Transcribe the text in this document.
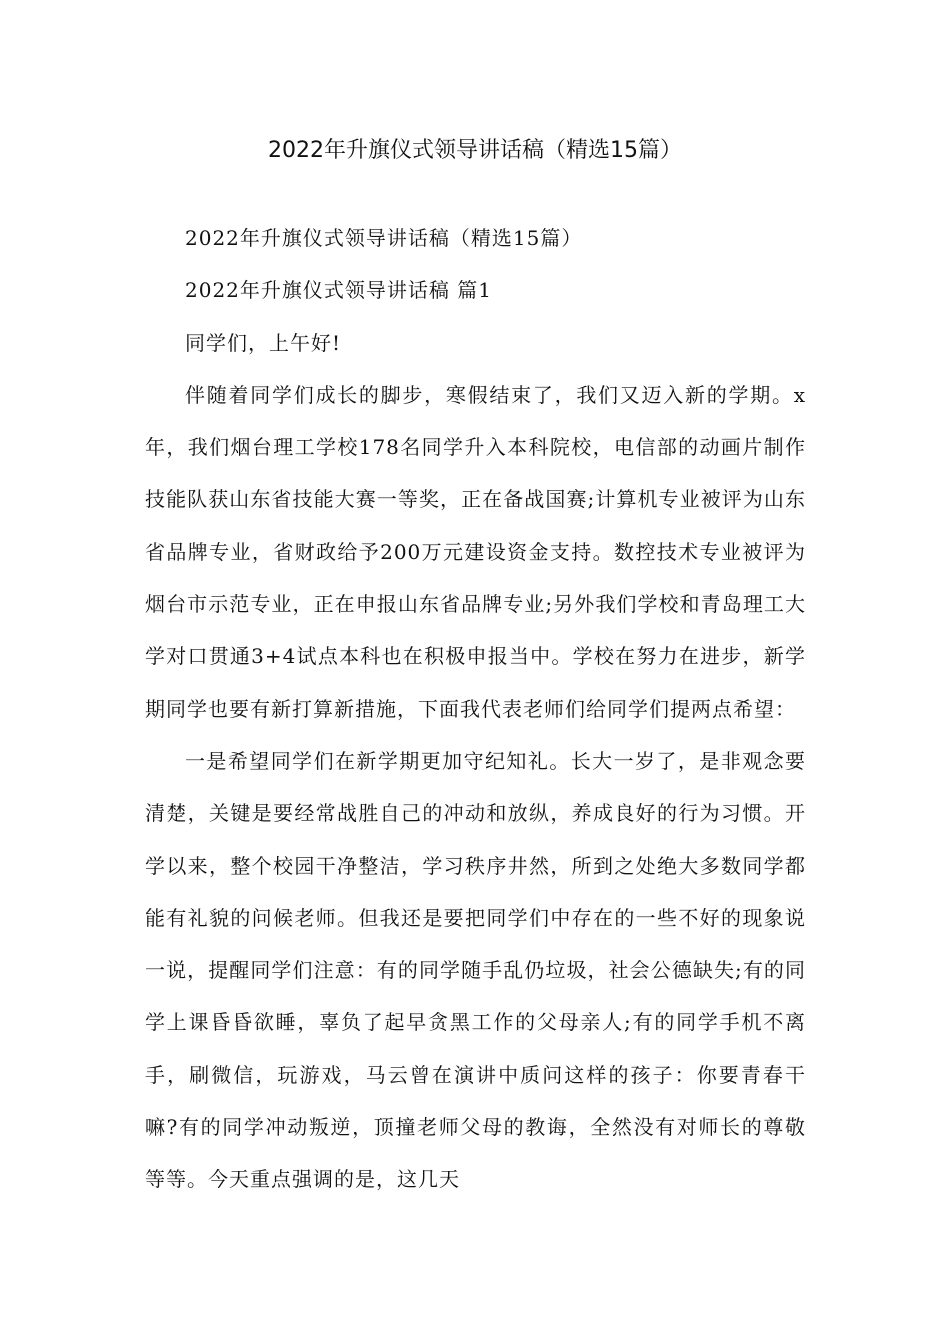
2022年升旗仪式领导讲话稿（精选15篇）

2022年升旗仪式领导讲话稿（精选15篇）

2022年升旗仪式领导讲话稿 篇1

同学们，上午好!

伴随着同学们成长的脚步，寒假结束了，我们又迈入新的学期。x年，我们烟台理工学校178名同学升入本科院校，电信部的动画片制作技能队获山东省技能大赛一等奖，正在备战国赛;计算机专业被评为山东省品牌专业，省财政给予200万元建设资金支持。数控技术专业被评为烟台市示范专业，正在申报山东省品牌专业;另外我们学校和青岛理工大学对口贯通3+4试点本科也在积极申报当中。学校在努力在进步，新学期同学也要有新打算新措施，下面我代表老师们给同学们提两点希望：

一是希望同学们在新学期更加守纪知礼。长大一岁了，是非观念要清楚，关键是要经常战胜自己的冲动和放纵，养成良好的行为习惯。开学以来，整个校园干净整洁，学习秩序井然，所到之处绝大多数同学都能有礼貌的问候老师。但我还是要把同学们中存在的一些不好的现象说一说，提醒同学们注意：有的同学随手乱仍垃圾，社会公德缺失;有的同学上课昏昏欲睡，辜负了起早贪黑工作的父母亲人;有的同学手机不离手，刷微信，玩游戏，马云曾在演讲中质问这样的孩子：你要青春干嘛?有的同学冲动叛逆，顶撞老师父母的教诲，全然没有对师长的尊敬等等。今天重点强调的是，这几天
